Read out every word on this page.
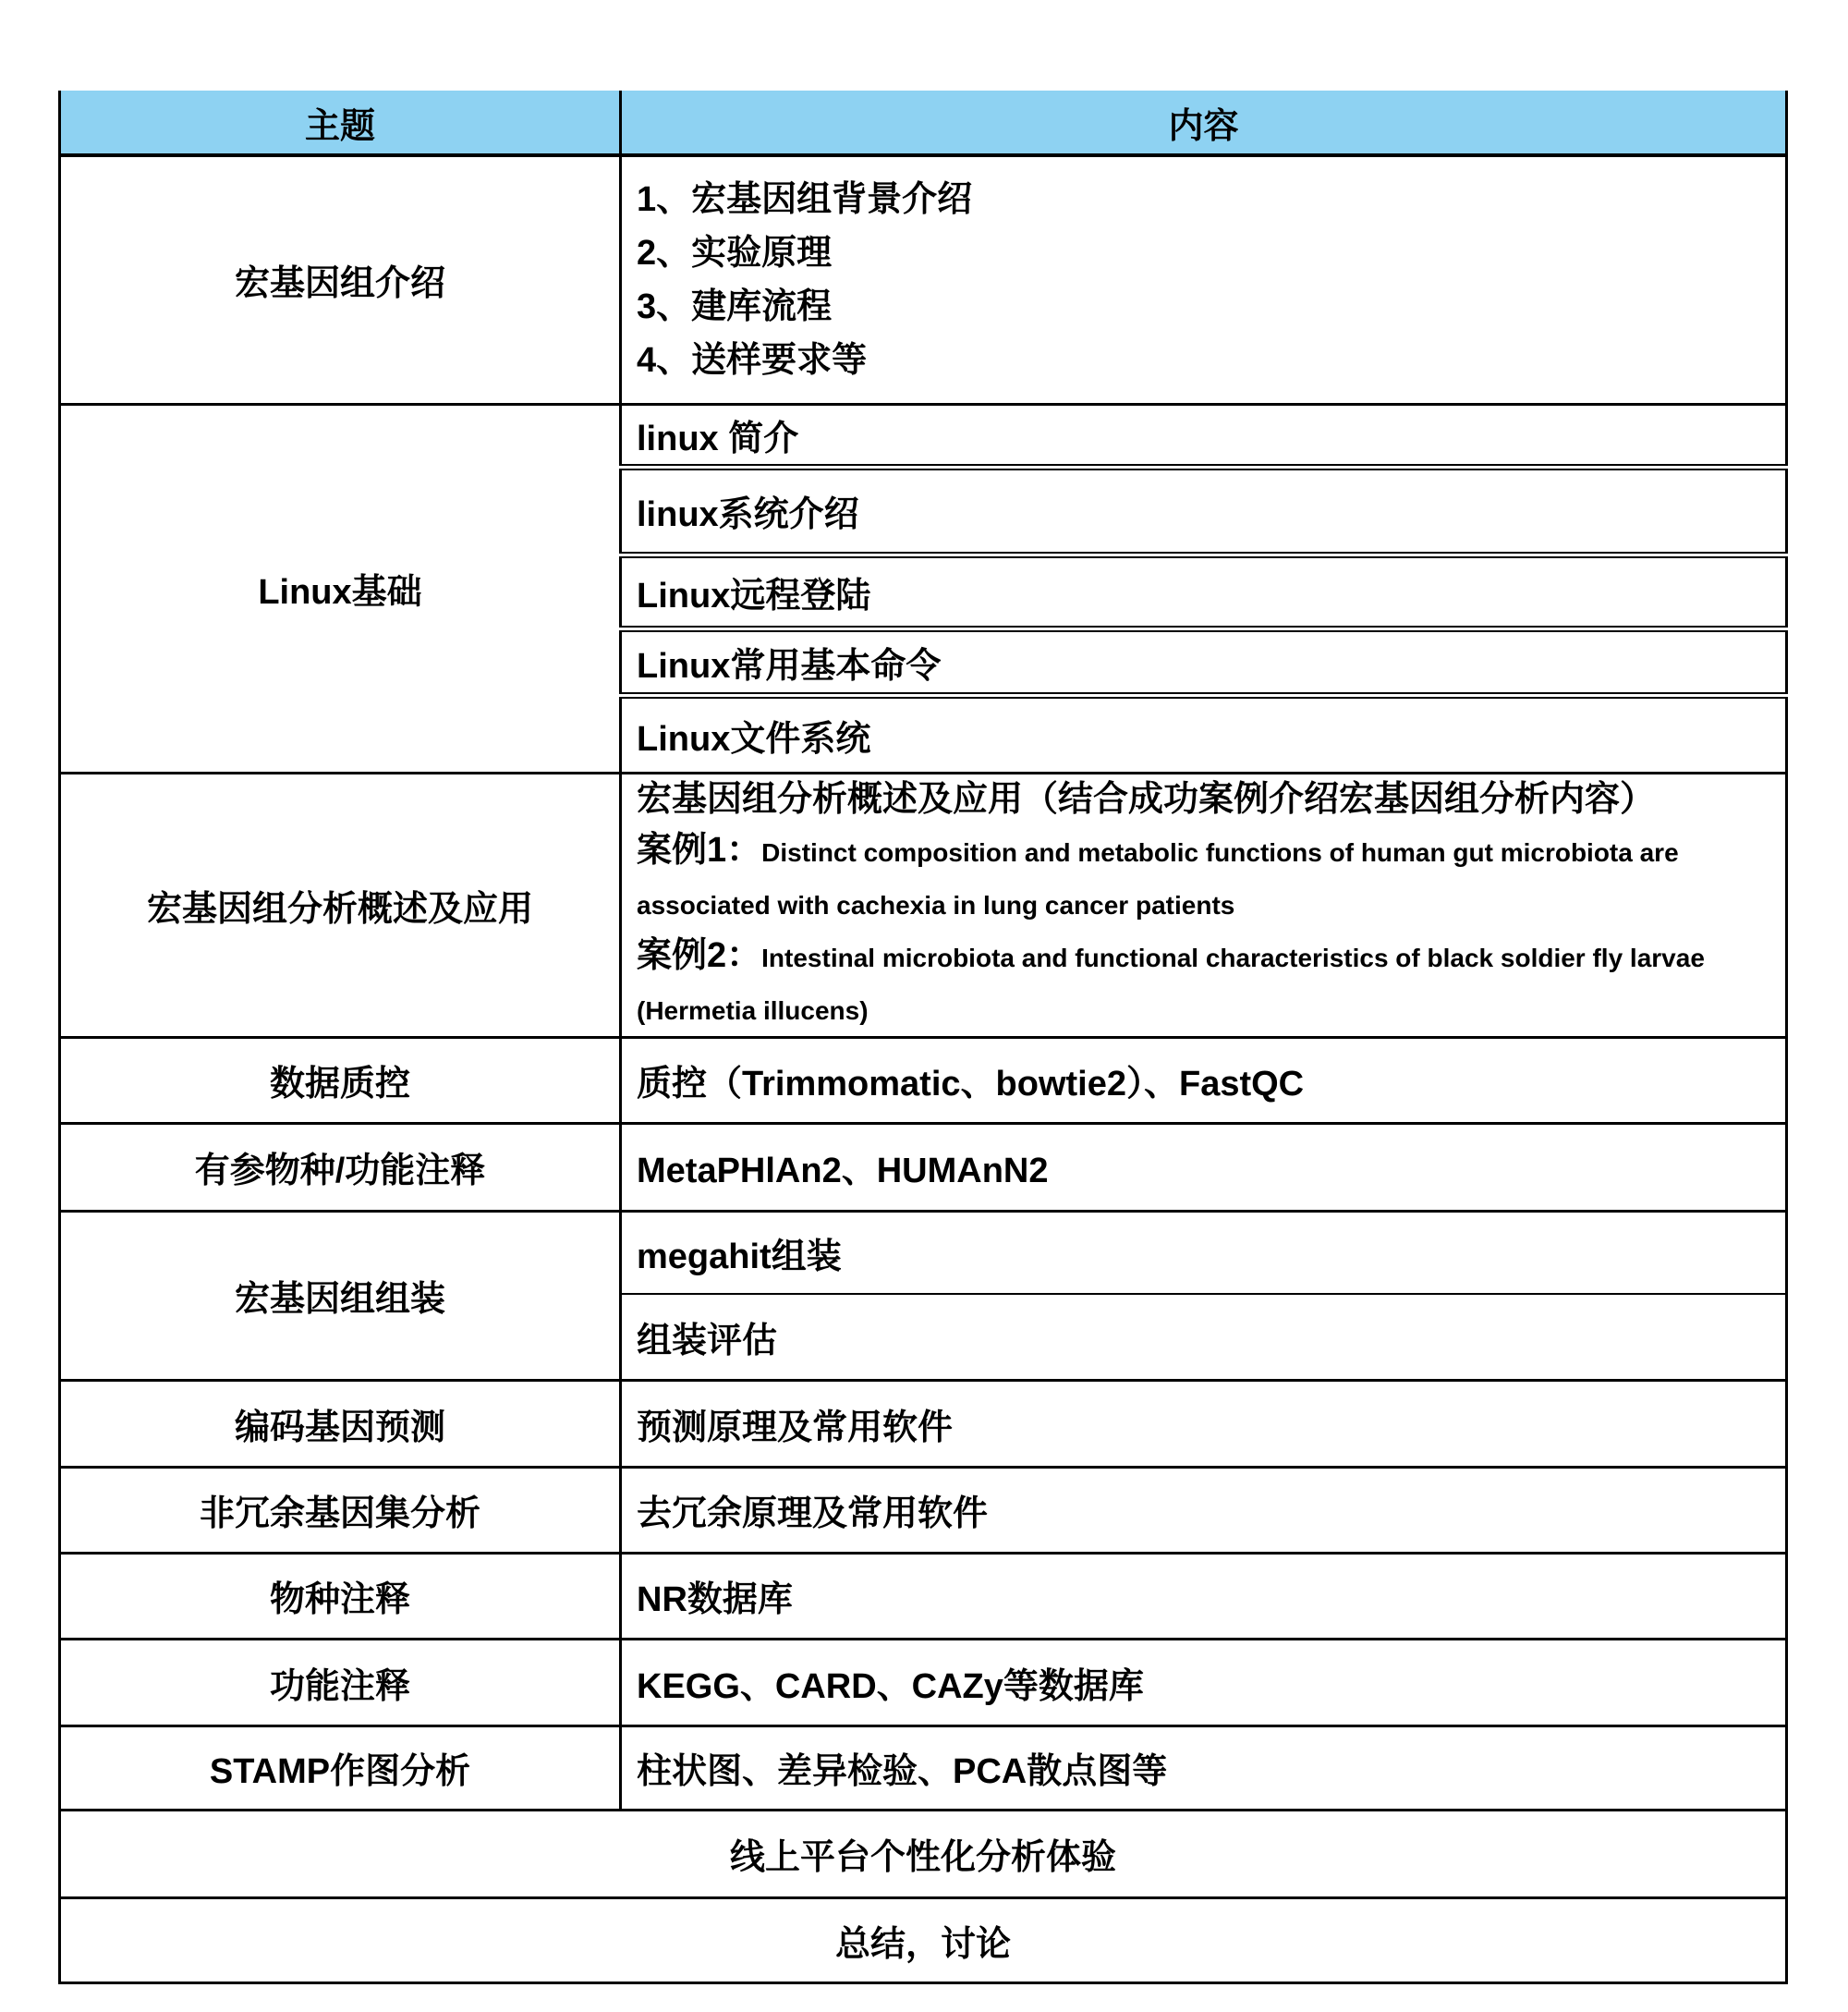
主题	内容
宏基因组介绍	1、宏基因组背景介绍
2、实验原理
3、建库流程
4、送样要求等

Linux基础	linux 简介
	linux系统介绍
	Linux远程登陆
	Linux常用基本命令
	Linux文件系统
宏基因组分析概述及应用	宏基因组分析概述及应用（结合成功案例介绍宏基因组分析内容）
案例1：Distinct composition and metabolic functions of human gut microbiota are
associated with cachexia in lung cancer patients
案例2：Intestinal microbiota and functional characteristics of black soldier fly larvae
(Hermetia illucens)

数据质控	质控（Trimmomatic、bowtie2）、FastQC
有参物种/功能注释	MetaPHlAn2、HUMAnN2
宏基因组组装	megahit组装
	组装评估
编码基因预测	预测原理及常用软件
非冗余基因集分析	去冗余原理及常用软件
物种注释	NR数据库
功能注释	KEGG、CARD、CAZy等数据库
STAMP作图分析	柱状图、差异检验、PCA散点图等
线上平台个性化分析体验	
总结，讨论	
